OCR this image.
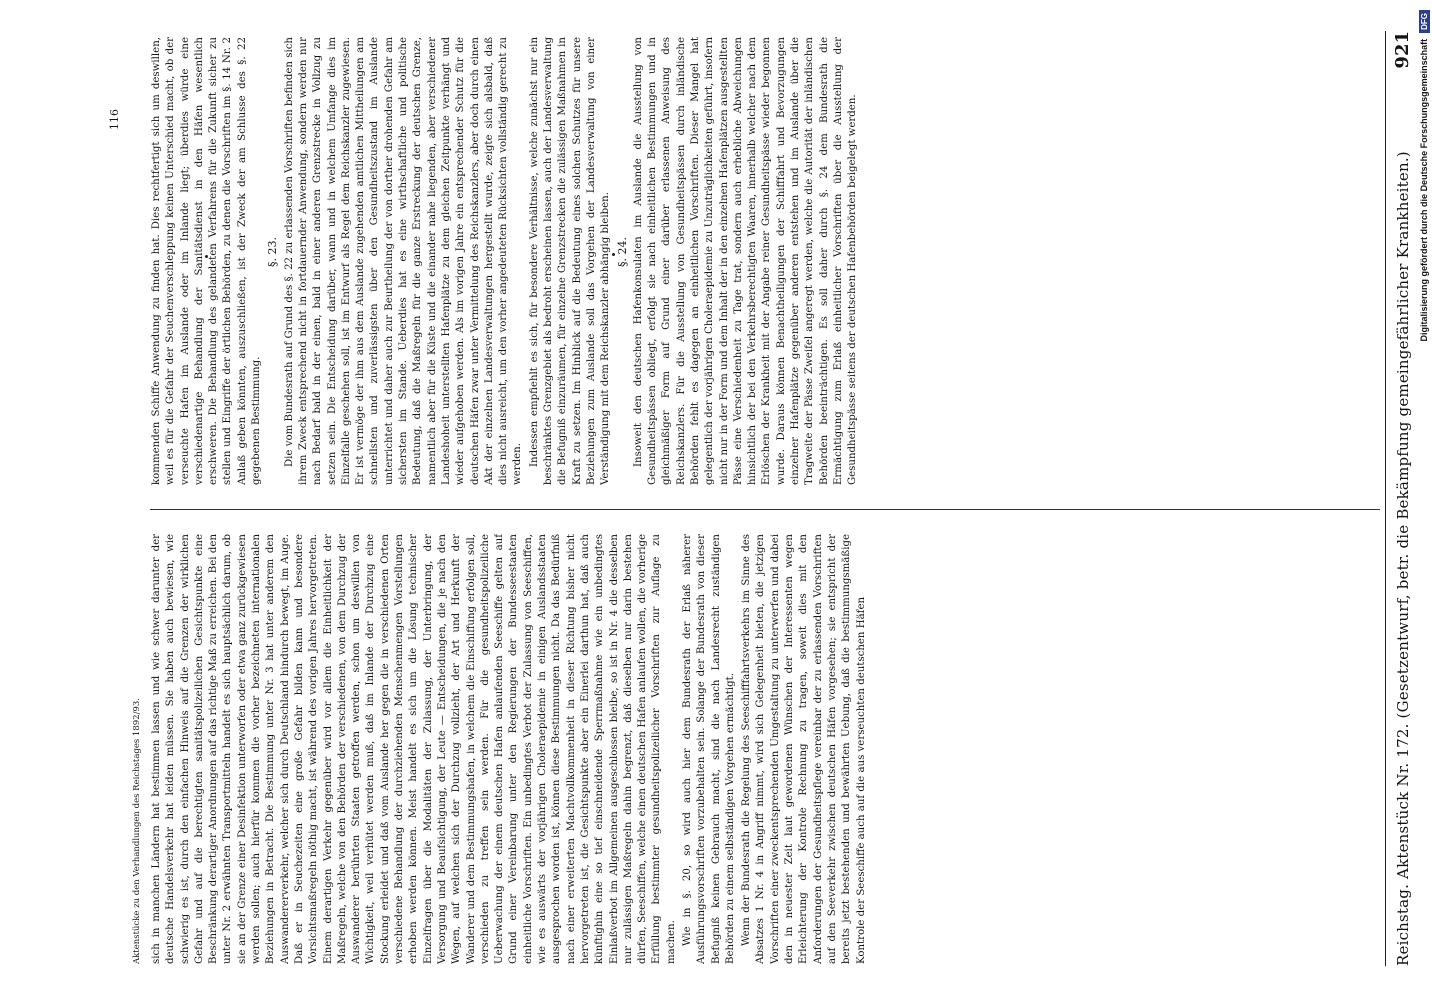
Reichstag. Aktenstück Nr. 172. (Gesetzentwurf, betr. die Bekämpfung gemeingefährlicher Krankheiten.)
921

sich in manchen Ländern hat bestimmen lassen und wie schwer darunter der deutsche Handelsverkehr hat leiden müssen. Sie haben auch bewiesen, wie schwierig es ist, durch den einfachen Hinweis auf die Grenzen der wirklichen Gefahr und auf die berechtigten sanitätspolizeilichen Gesichtspunkte eine Beschränkung derartiger Anordnungen auf das richtige Maß zu erreichen. Bei den unter Nr. 2 erwähnten Transportmitteln handelt es sich hauptsächlich darum, ob sie an der Grenze einer Desinfektion unterworfen oder etwa ganz zurückgewiesen werden sollen; auch hierfür kommen die vorher bezeichneten internationalen Beziehungen in Betracht. Die Bestimmung unter Nr. 3 hat unter anderem den Auswandererverkehr, welcher sich durch Deutschland hindurch bewegt, im Auge. Daß er in Seuchezeiten eine große Gefahr bilden kann und besondere Vorsichtsmaßregeln nöthig macht, ist während des vorigen Jahres hervorgetreten. Einem derartigen Verkehr gegenüber wird vor allem die Einheitlichkeit der Maßregeln, welche von den Behörden der verschiedenen, von dem Durchzug der Auswanderer berührten Staaten getroffen werden, schon um deswillen von Wichtigkeit, weil verhütet werden muß, daß im Inlande der Durchzug eine Stockung erleidet und daß vom Auslande her gegen die in verschiedenen Orten verschiedene Behandlung der durchziehenden Menschenmengen Vorstellungen erhoben werden können. Meist handelt es sich um die Lösung technischer Einzelfragen über die Modalitäten der Zulassung, der Unterbringung, der Versorgung und Beaufsichtigung, der Leute — Entscheidungen, die je nach den Wegen, auf welchen sich der Durchzug vollzieht, der Art und Herkunft der Wanderer und dem Bestimmungshafen, in welchem die Einschiffung erfolgen soll, verschieden zu treffen sein werden. Für die gesundheitspolizeiliche Ueberwachung der einem deutschen Hafen anlaufenden Seeschiffe gelten auf Grund einer Vereinbarung unter den Regierungen der Bundesseestaaten einheitliche Vorschriften. Ein unbedingtes Verbot der Zulassung von Seeschiffen, wie es auswärts der vorjährigen Choleraepidemie in einigen Auslandsstaaten ausgesprochen worden ist, können diese Bestimmungen nicht. Da das Bedürfniß nach einer erweiterten Machtvollkommenheit in dieser Richtung bisher nicht hervorgetreten ist, die Gesichtspunkte aber ein Einerlei darthun hat, daß auch künftighin eine so tief einschneidende Sperrmaßnahme wie ein unbedingtes Einlaßverbot im Allgemeinen ausgeschlossen bleibe, so ist in Nr. 4 die desselben nur zulässigen Maßregeln dahin begrenzt, daß dieselben nur darin bestehen dürfen, Seeschiffen, welche einen deutschen Hafen anlaufen wollen, die vorherige Erfüllung bestimmter gesundheitspolizeilicher Vorschriften zur Auflage zu machen. Wie in §. 20, so wird auch hier dem Bundesrath der Erlaß näherer Ausführungsvorschriften vorzubehalten sein. Solange der Bundesrath von dieser Befugniß keinen Gebrauch macht, sind die nach Landesrecht zuständigen Behörden zu einem selbständigen Vorgehen ermächtigt. Wenn der Bundesrath die Regelung des Seeschifffahrtsverkehrs im Sinne des Absatzes 1 Nr. 4 in Angriff nimmt, wird sich Gelegenheit bieten, die jetzigen Vorschriften einer zweckentsprechenden Umgestaltung zu unterwerfen und dabei den in neuester Zeit laut gewordenen Wünschen der Interessenten wegen Erleichterung der Kontrole Rechnung zu tragen, soweit dies mit den Anforderungen der Gesundheitspflege vereinbar der zu erlassenden Vorschriften auf den Seeverkehr zwischen deutschen Häfen vorgesehen; sie entspricht der bereits jetzt bestehenden und bewährten Uebung, daß die bestimmungsmäßige Kontrole der Seeschiffe auch auf die aus verseuchten deutschen Häfen

kommenden Schiffe Anwendung zu finden hat. Dies rechtfertigt sich um deswillen, weil es für die Gefahr der Seuchenverschleppung keinen Unterschied macht, ob der verseuchte Hafen im Auslande oder im Inlande liegt; überdies würde eine verschiedenartige Behandlung der Sanitätsdienst in den Häfen wesentlich erschweren. Die Behandlung des gelandeten Verfahrens für die Zukunft sicher zu stellen und Eingriffe der örtlichen Behörden, zu denen die Vorschriften im §. 14 Nr. 2 Anlaß geben könnten, auszuschließen, ist der Zweck der am Schlusse des §. 22 gegebenen Bestimmung.

§. 23. Die vom Bundesrath auf Grund des §. 22 zu erlassenden Vorschriften befinden sich ihrem Zweck entsprechend nicht in fortdauernder Anwendung, sondern werden nur nach Bedarf bald in der einen, bald in einer anderen Grenzstrecke in Vollzug zu setzen sein. Die Entscheidung darüber, wann und in welchem Umfange dies im Einzelfalle geschehen soll, ist im Entwurf als Regel dem Reichskanzler zugewiesen. Er ist vermöge der ihm aus dem Auslande zugehenden amtlichen Mittheilungen am schnellsten und zuverlässigsten über den Gesundheitszustand im Auslande unterrichtet und daher auch zur Beurtheilung der von dorther drohenden Gefahr am sichersten im Stande. Ueberdies hat es eine wirthschaftliche und politische Bedeutung, daß die Maßregeln für die ganze Erstreckung der deutschen Grenze, namentlich aber für die Küste und die einander nahe liegenden, aber verschiedener Landeshoheit unterstellten Hafenplätze zu dem gleichen Zeitpunkte verhängt und wieder aufgehoben werden. Als im vorigen Jahre ein entsprechender Schutz für die deutschen Häfen zwar unter Vermittelung des Reichskanzlers, aber doch durch einen Akt der einzelnen Landesverwaltungen hergestellt wurde, zeigte sich alsbald, daß dies nicht ausreicht, um den vorher angedeuteten Rücksichten vollständig gerecht zu werden. Indessen empfiehlt es sich, für besondere Verhältnisse, welche zunächst nur ein beschränktes Grenzgebiet als bedroht erscheinen lassen, auch der Landesverwaltung die Befugniß einzuräumen, für einzelne Grenzstrecken die zulässigen Maßnahmen in Kraft zu setzen. Im Hinblick auf die Bedeutung eines solchen Schutzes für unsere Beziehungen zum Auslande soll das Vorgehen der Landesverwaltung von einer Verständigung mit dem Reichskanzler abhängig bleiben. §. 24. Insoweit den deutschen Hafenkonsulaten im Auslande die Ausstellung von Gesundheitspässen obliegt, erfolgt sie nach einheitlichen Bestimmungen und in gleichmäßiger Form auf Grund einer darüber erlassenen Anweisung des Reichskanzlers. Für die Ausstellung von Gesundheitspässen durch inländische Behörden fehlt es dagegen an einheitlichen Vorschriften. Dieser Mangel hat gelegentlich der vorjährigen Choleraepidemie zu Unzuträglichkeiten geführt, insofern nicht nur in der Form und dem Inhalt der in den einzelnen Hafenplätzen ausgestellten Pässe eine Verschiedenheit zu Tage trat, sondern auch erhebliche Abweichungen hinsichtlich der bei den Verkehrsberechtigten Waaren, innerhalb welcher nach dem Erlöschen der Krankheit mit der Angabe reiner Gesundheitspässe wieder begonnen wurde. Daraus können Benachtheiligungen der Schifffahrt und Bevorzugungen einzelner Hafenplätze gegenüber anderen entstehen und im Auslande über die Tragweite der Pässe Zweifel angeregt werden, welche die Autorität der inländischen Behörden beeinträchtigen. Es soll daher durch §. 24 dem Bundesrath die Ermächtigung zum Erlaß einheitlicher Vorschriften über die Ausstellung der Gesundheitspässe seitens der deutschen Hafenbehörden beigelegt werden.

Aktenstücke zu den Verhandlungen des Reichstages 1892/93.
116	Digitalisierung gefördert durch die Deutsche Forschungsgemeinschaft
DFG
